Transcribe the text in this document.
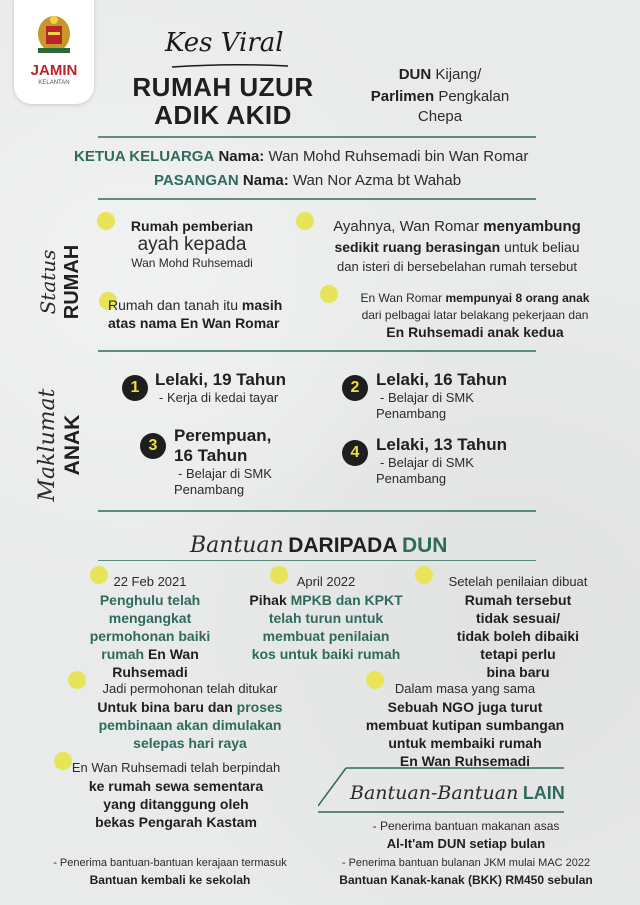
JAMIN
KELANTAN
Kes Viral
RUMAH UZUR
ADIK AKID
DUN Kijang/
Parlimen Pengkalan
Chepa
KETUA KELUARGA Nama: Wan Mohd Ruhsemadi bin Wan Romar
PASANGAN Nama: Wan Nor Azma bt Wahab
Status RUMAH
Rumah pemberian
ayah kepada
Wan Mohd Ruhsemadi
Ayahnya, Wan Romar menyambung
sedikit ruang berasingan untuk beliau
dan isteri di bersebelahan rumah tersebut
Rumah dan tanah itu masih
atas nama En Wan Romar
En Wan Romar mempunyai 8 orang anak
dari pelbagai latar belakang pekerjaan dan
En Ruhsemadi anak kedua
Maklumat ANAK
1 Lelaki, 19 Tahun
- Kerja di kedai tayar
2 Lelaki, 16 Tahun
- Belajar di SMK
Penambang
3
Perempuan,
16 Tahun
- Belajar di SMK
Penambang
4 Lelaki, 13 Tahun
- Belajar di SMK
Penambang
Bantuan DARIPADA DUN
22 Feb 2021
Penghulu telah
mengangkat
permohonan baiki
rumah En Wan
Ruhsemadi
April 2022
Pihak MPKB dan KPKT
telah turun untuk
membuat penilaian
kos untuk baiki rumah
Setelah penilaian dibuat
Rumah tersebut
tidak sesuai/
tidak boleh dibaiki
tetapi perlu
bina baru
Jadi permohonan telah ditukar
Untuk bina baru dan proses
pembinaan akan dimulakan
selepas hari raya
Dalam masa yang sama
Sebuah NGO juga turut
membuat kutipan sumbangan
untuk membaiki rumah
En Wan Ruhsemadi
En Wan Ruhsemadi telah berpindah
ke rumah sewa sementara
yang ditanggung oleh
bekas Pengarah Kastam
Bantuan-Bantuan LAIN
- Penerima bantuan makanan asas
Al-It'am DUN setiap bulan
- Penerima bantuan-bantuan kerajaan termasuk
Bantuan kembali ke sekolah
- Penerima bantuan bulanan JKM mulai MAC 2022
Bantuan Kanak-kanak (BKK) RM450 sebulan
